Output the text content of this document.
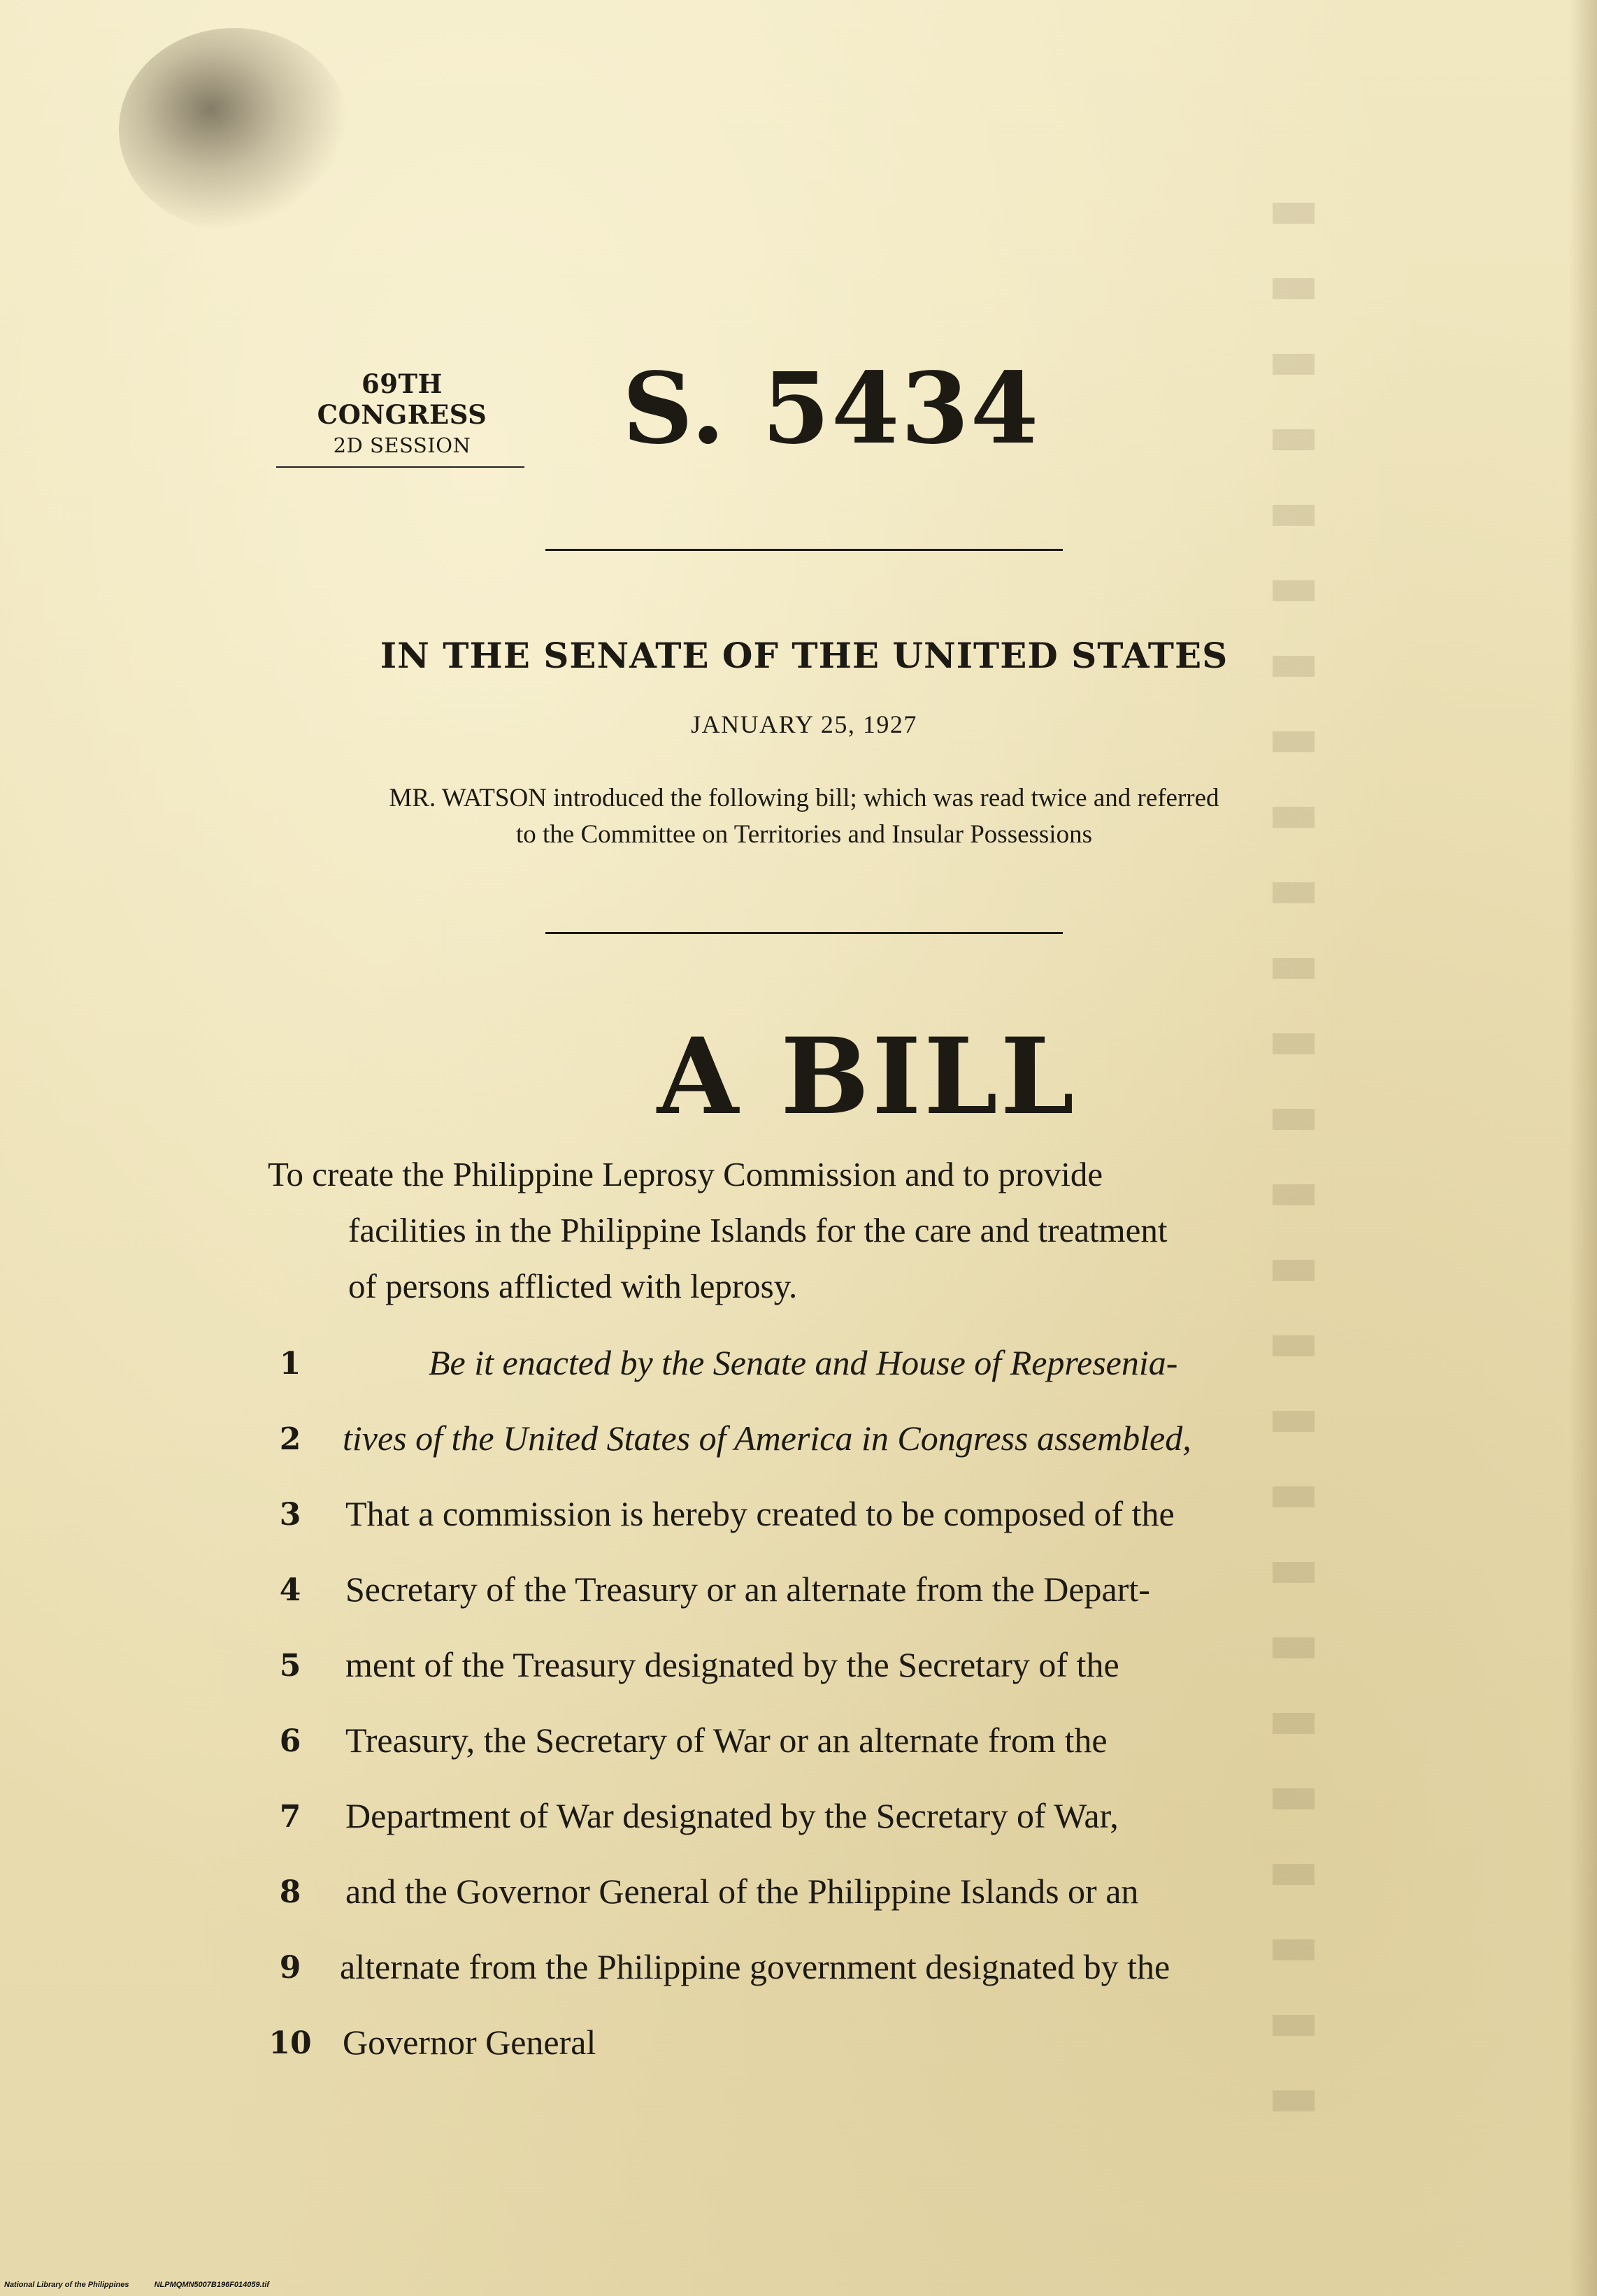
69TH CONGRESS
2D SESSION	S. 5434
IN THE SENATE OF THE UNITED STATES
JANUARY 25, 1927
MR. WATSON introduced the following bill; which was read twice and referred
to the Committee on Territories and Insular Possessions
A BILL
To create the Philippine Leprosy Commission and to provide
facilities in the Philippine Islands for the care and treatment
of persons afflicted with leprosy.
1	Be it enacted by the Senate and House of Represenia-
2 tives of the United States of America in Congress assembled,
3 That a commission is hereby created to be composed of the
4 Secretary of the Treasury or an alternate from the Depart-
5 ment of the Treasury designated by the Secretary of the
6 Treasury, the Secretary of War or an alternate from the
7 Department of War designated by the Secretary of War,
8 and the Governor General of the Philippine Islands or an
9 alternate from the Philippine government designated by the
10 Governor General
National Library of the Philippines	NLPMQMN5007B196F014059.tif
